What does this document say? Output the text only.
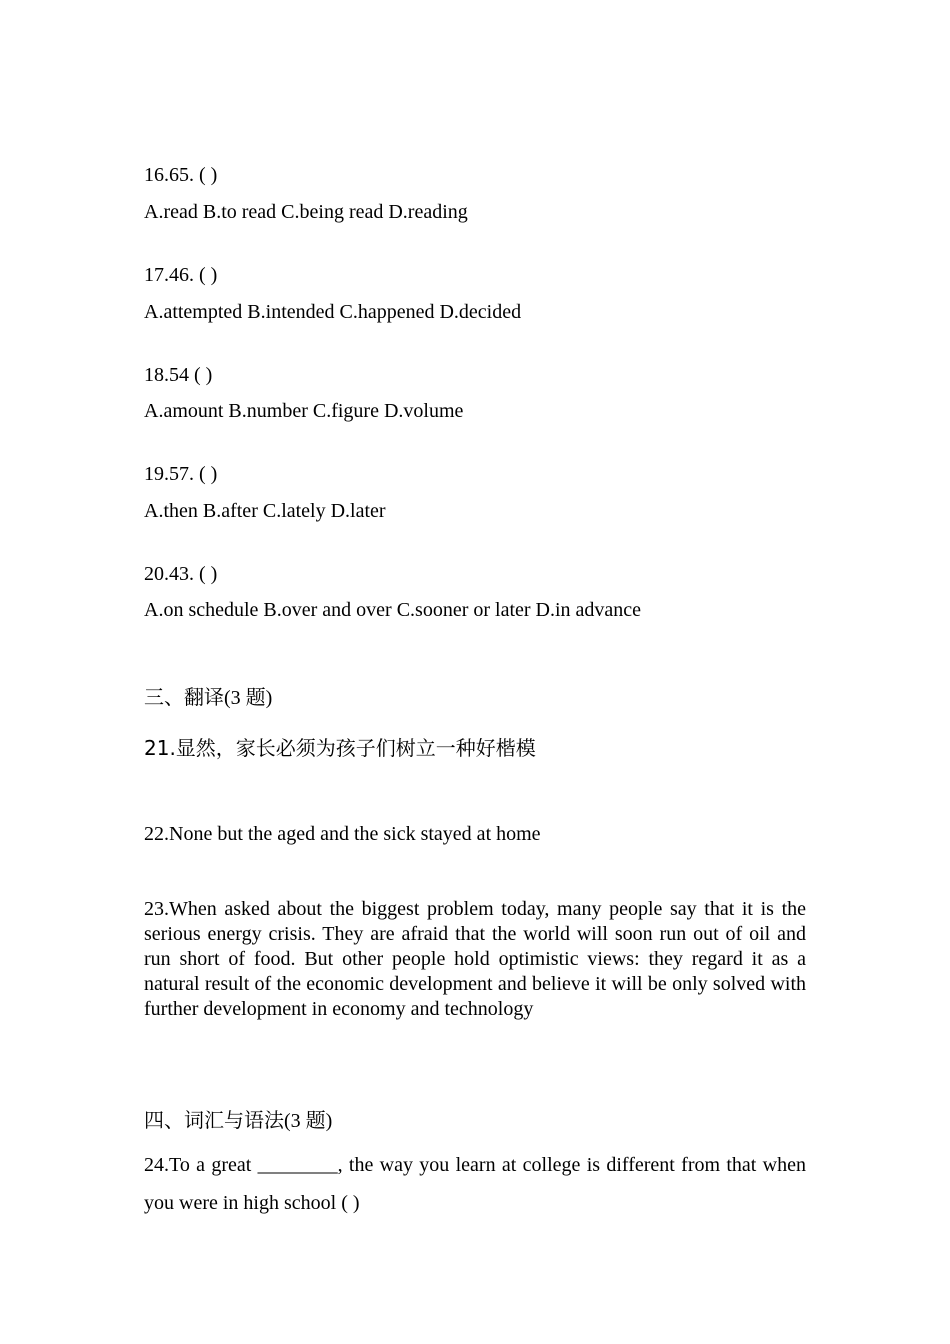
16.65. ( )
A.read B.to read C.being read D.reading
17.46. ( )
A.attempted B.intended C.happened D.decided
18.54 ( )
A.amount B.number C.figure D.volume
19.57. ( )
A.then B.after C.lately D.later
20.43. ( )
A.on schedule B.over and over C.sooner or later D.in advance
三、翻译(3 题)
21.显然，家长必须为孩子们树立一种好楷模
22.None but the aged and the sick stayed at home
23.When asked about the biggest problem today, many people say that it is the serious energy crisis. They are afraid that the world will soon run out of oil and run short of food. But other people hold optimistic views: they regard it as a natural result of the economic development and believe it will be only solved with further development in economy and technology
四、词汇与语法(3 题)
24.To a great ________, the way you learn at college is different from that when you were in high school ( )
